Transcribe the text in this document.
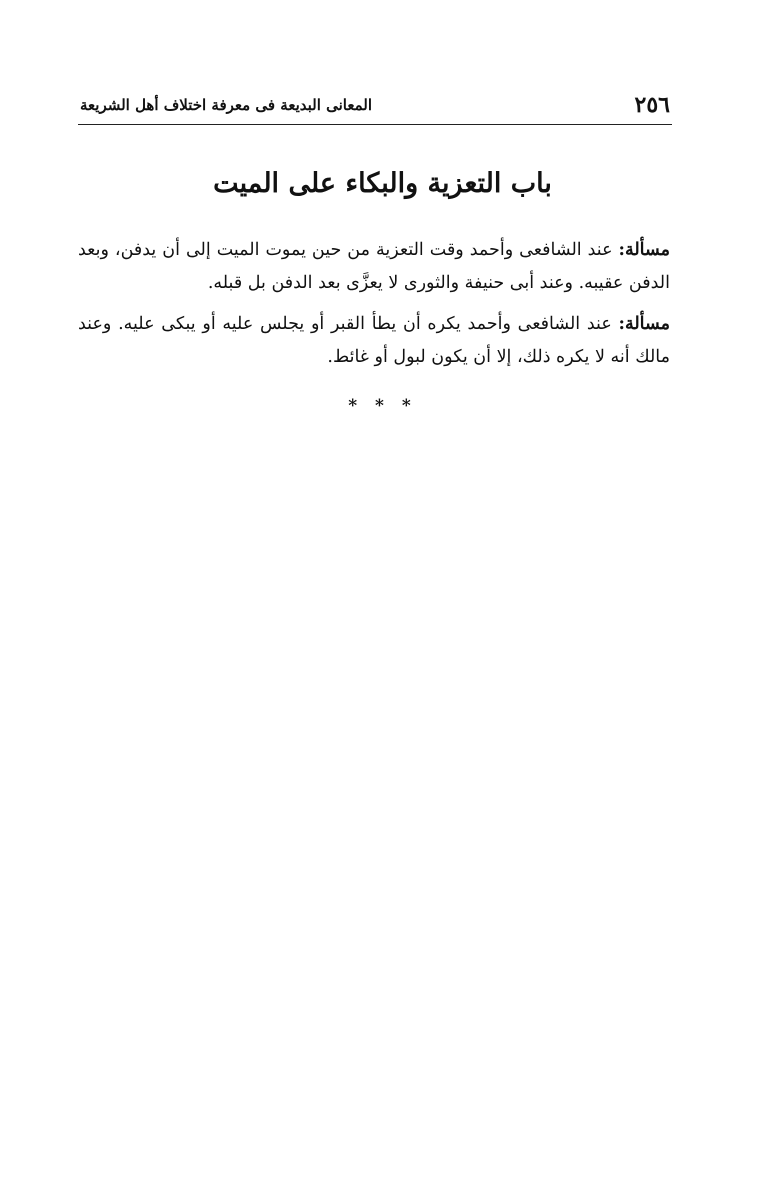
٢٥٦
المعانى البديعة فى معرفة اختلاف أهل الشريعة
باب التعزية والبكاء على الميت

مسألة: عند الشافعى وأحمد وقت التعزية من حين يموت الميت إلى أن يدفن، وبعد الدفن عقيبه. وعند أبى حنيفة والثورى لا يعزَّى بعد الدفن بل قبله.

مسألة: عند الشافعى وأحمد يكره أن يطأ القبر أو يجلس عليه أو يبكى عليه. وعند مالك أنه لا يكره ذلك، إلا أن يكون لبول أو غائط.

* * *
